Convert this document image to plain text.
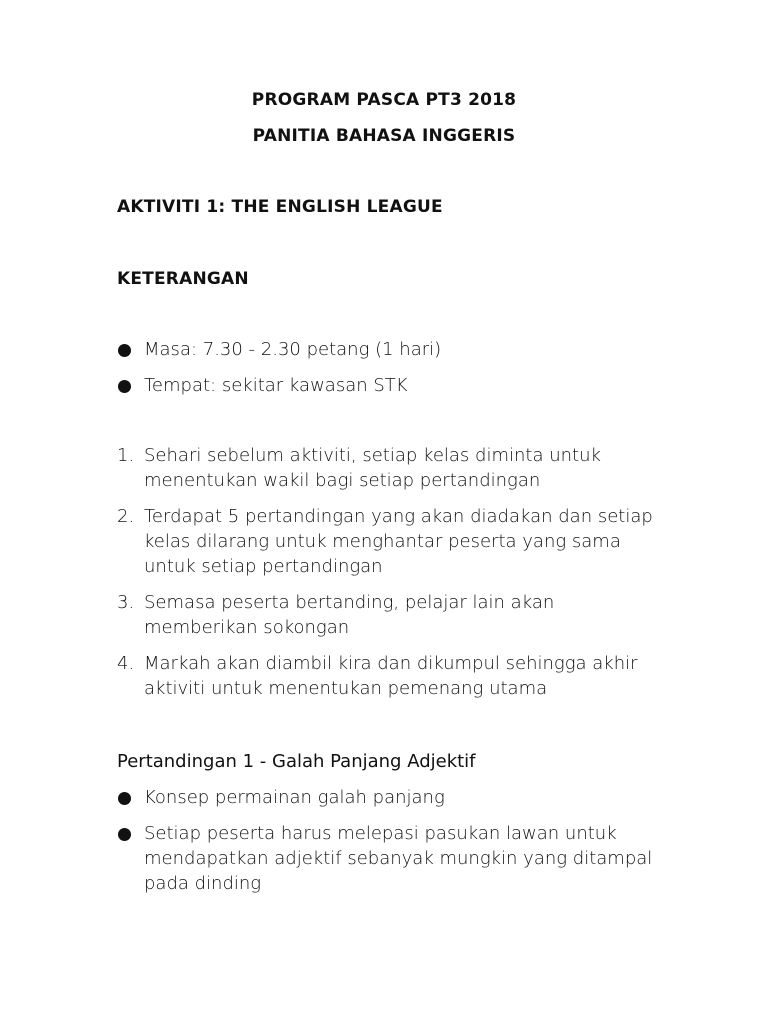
PROGRAM PASCA PT3 2018
PANITIA BAHASA INGGERIS
AKTIVITI 1: THE ENGLISH LEAGUE
KETERANGAN
Masa: 7.30 - 2.30 petang (1 hari)
Tempat: sekitar kawasan STK
1. Sehari sebelum aktiviti, setiap kelas diminta untuk menentukan wakil bagi setiap pertandingan
2. Terdapat 5 pertandingan yang akan diadakan dan setiap kelas dilarang untuk menghantar peserta yang sama untuk setiap pertandingan
3. Semasa peserta bertanding, pelajar lain akan memberikan sokongan
4. Markah akan diambil kira dan dikumpul sehingga akhir aktiviti untuk menentukan pemenang utama

Pertandingan 1 - Galah Panjang Adjektif

Konsep permainan galah panjang
Setiap peserta harus melepasi pasukan lawan untuk mendapatkan adjektif sebanyak mungkin yang ditampal pada dinding
